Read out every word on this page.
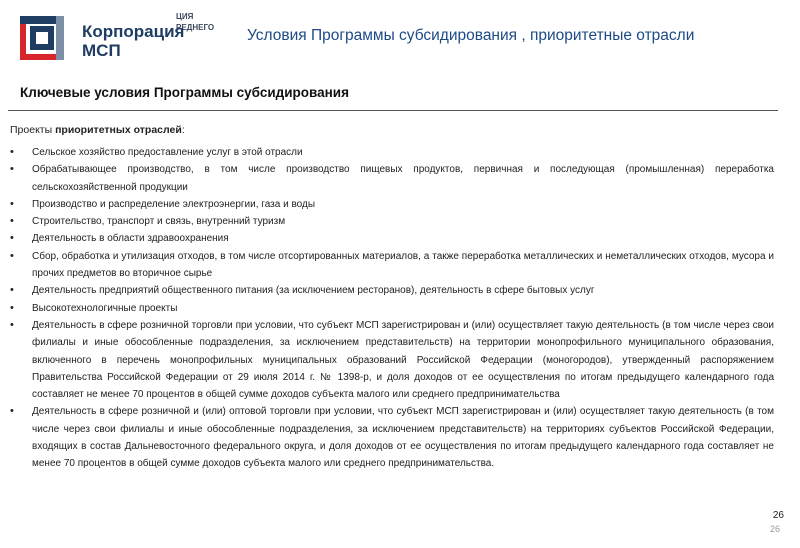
ЦИЯ
РЕДНЕГО
Корпорация
МСП
Условия Программы субсидирования , приоритетные отрасли
Ключевые условия Программы субсидирования
Проекты приоритетных отраслей:
• Сельское хозяйство предоставление услуг в этой отрасли
• Обрабатывающее производство, в том числе производство пищевых продуктов, первичная и последующая (промышленная) переработка сельскохозяйственной продукции
• Производство и распределение электроэнергии, газа и воды
• Строительство, транспорт и связь, внутренний туризм
• Деятельность в области здравоохранения
• Сбор, обработка и утилизация отходов, в том числе отсортированных материалов, а также переработка металлических и неметаллических отходов, мусора и прочих предметов во вторичное сырье
• Деятельность предприятий общественного питания (за исключением ресторанов), деятельность в сфере бытовых услуг
• Высокотехнологичные проекты
• Деятельность в сфере розничной торговли при условии, что субъект МСП зарегистрирован и (или) осуществляет такую деятельность (в том числе через свои филиалы и иные обособленные подразделения, за исключением представительств) на территории монопрофильного муниципального образования, включенного в перечень монопрофильных муниципальных образований Российской Федерации (моногородов), утвержденный распоряжением Правительства Российской Федерации от 29 июля 2014 г. № 1398-р, и доля доходов от ее осуществления по итогам предыдущего календарного года составляет не менее 70 процентов в общей сумме доходов субъекта малого или среднего предпринимательства
• Деятельность в сфере розничной и (или) оптовой торговли при условии, что субъект МСП зарегистрирован и (или) осуществляет такую деятельность (в том числе через свои филиалы и иные обособленные подразделения, за исключением представительств) на территориях субъектов Российской Федерации, входящих в состав Дальневосточного федерального округа, и доля доходов от ее осуществления по итогам предыдущего календарного года составляет не менее 70 процентов в общей сумме доходов субъекта малого или среднего предпринимательства.
26
26
